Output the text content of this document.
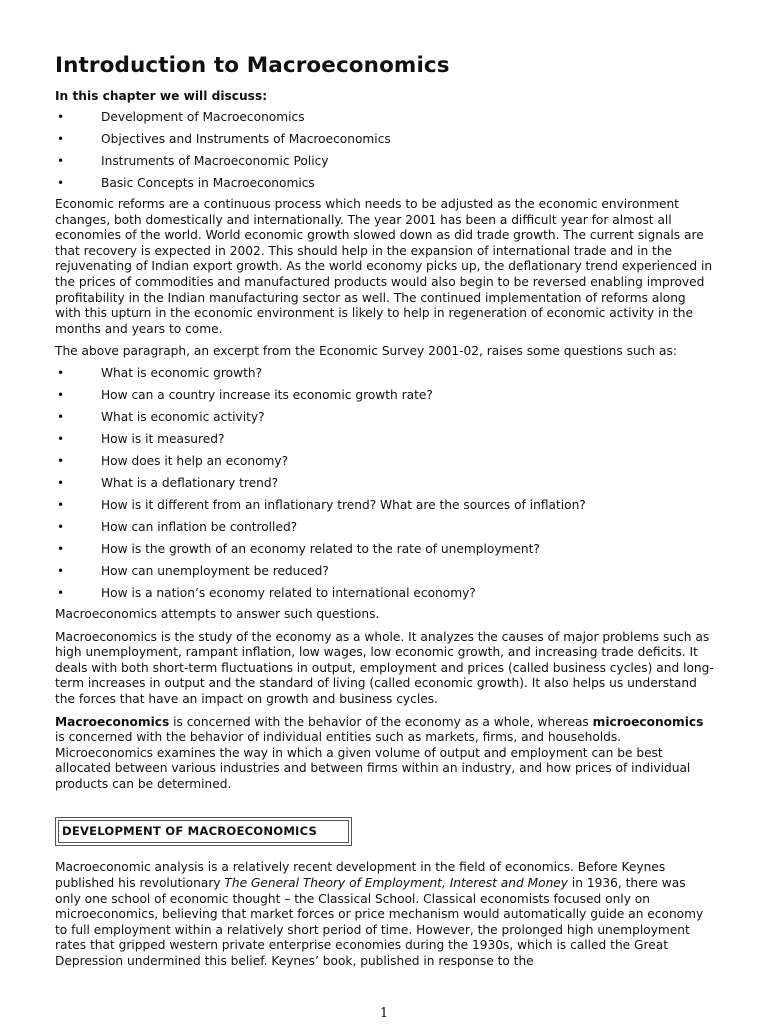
Introduction to Macroeconomics
In this chapter we will discuss:
•	Development of Macroeconomics
•	Objectives and Instruments of Macroeconomics
•	Instruments of Macroeconomic Policy
•	Basic Concepts in Macroeconomics

Economic reforms are a continuous process which needs to be adjusted as the economic environment changes, both domestically and internationally. The year 2001 has been a difficult year for almost all economies of the world. World economic growth slowed down as did trade growth. The current signals are that recovery is expected in 2002. This should help in the expansion of international trade and in the rejuvenating of Indian export growth. As the world economy picks up, the deflationary trend experienced in the prices of commodities and manufactured products would also begin to be reversed enabling improved profitability in the Indian manufacturing sector as well. The continued implementation of reforms along with this upturn in the economic environment is likely to help in regeneration of economic activity in the months and years to come.

The above paragraph, an excerpt from the Economic Survey 2001-02, raises some questions such as:

•	What is economic growth?
•	How can a country increase its economic growth rate?
•	What is economic activity?
•	How is it measured?
•	How does it help an economy?
•	What is a deflationary trend?
•	How is it different from an inflationary trend? What are the sources of inflation?
•	How can inflation be controlled?
•	How is the growth of an economy related to the rate of unemployment?
•	How can unemployment be reduced?
•	How is a nation’s economy related to international economy?

Macroeconomics attempts to answer such questions.

Macroeconomics is the study of the economy as a whole. It analyzes the causes of major problems such as high unemployment, rampant inflation, low wages, low economic growth, and increasing trade deficits. It deals with both short-term fluctuations in output, employment and prices (called business cycles) and long-term increases in output and the standard of living (called economic growth). It also helps us understand the forces that have an impact on growth and business cycles.

Macroeconomics is concerned with the behavior of the economy as a whole, whereas microeconomics is concerned with the behavior of individual entities such as markets, firms, and households. Microeconomics examines the way in which a given volume of output and employment can be best allocated between various industries and between firms within an industry, and how prices of individual products can be determined.

DEVELOPMENT OF MACROECONOMICS

Macroeconomic analysis is a relatively recent development in the field of economics. Before Keynes published his revolutionary The General Theory of Employment, Interest and Money in 1936, there was only one school of economic thought – the Classical School. Classical economists focused only on microeconomics, believing that market forces or price mechanism would automatically guide an economy to full employment within a relatively short period of time. However, the prolonged high unemployment rates that gripped western private enterprise economies during the 1930s, which is called the Great Depression undermined this belief. Keynes’ book, published in response to the

1
